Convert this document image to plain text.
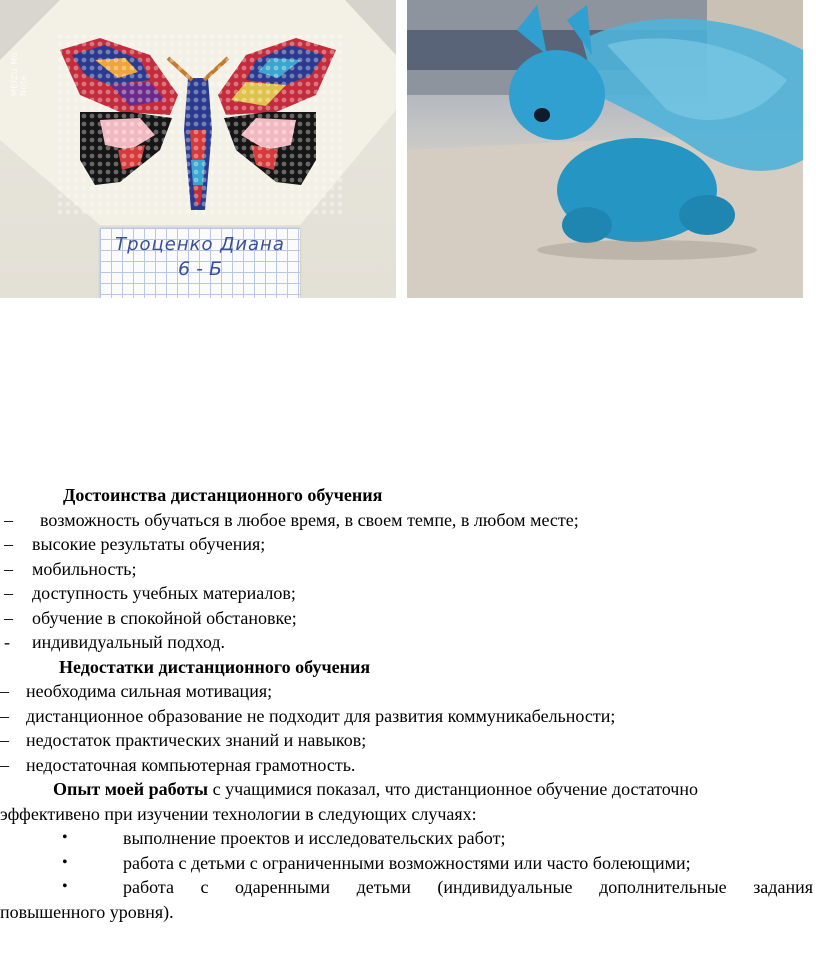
MEIZU M6 Note
Троценко Диана
6 - Б
Достоинства дистанционного обучения
– возможность обучаться в любое время, в своем темпе, в любом месте;
– высокие результаты обучения;
– мобильность;
– доступность учебных материалов;
– обучение в спокойной обстановке;
- индивидуальный подход.
Недостатки дистанционного обучения
– необходима сильная мотивация;
– дистанционное образование не подходит для развития коммуникабельности;
– недостаток практических знаний и навыков;
– недостаточная компьютерная грамотность.
Опыт моей работы с учащимися показал, что дистанционное обучение достаточно
эффективено при изучении технологии в следующих случаях:
•	выполнение проектов и исследовательских работ;
•	работа с детьми с ограниченными возможностями или часто болеющими;
•	работа с одаренными детьми (индивидуальные дополнительные задания
повышенного уровня).
